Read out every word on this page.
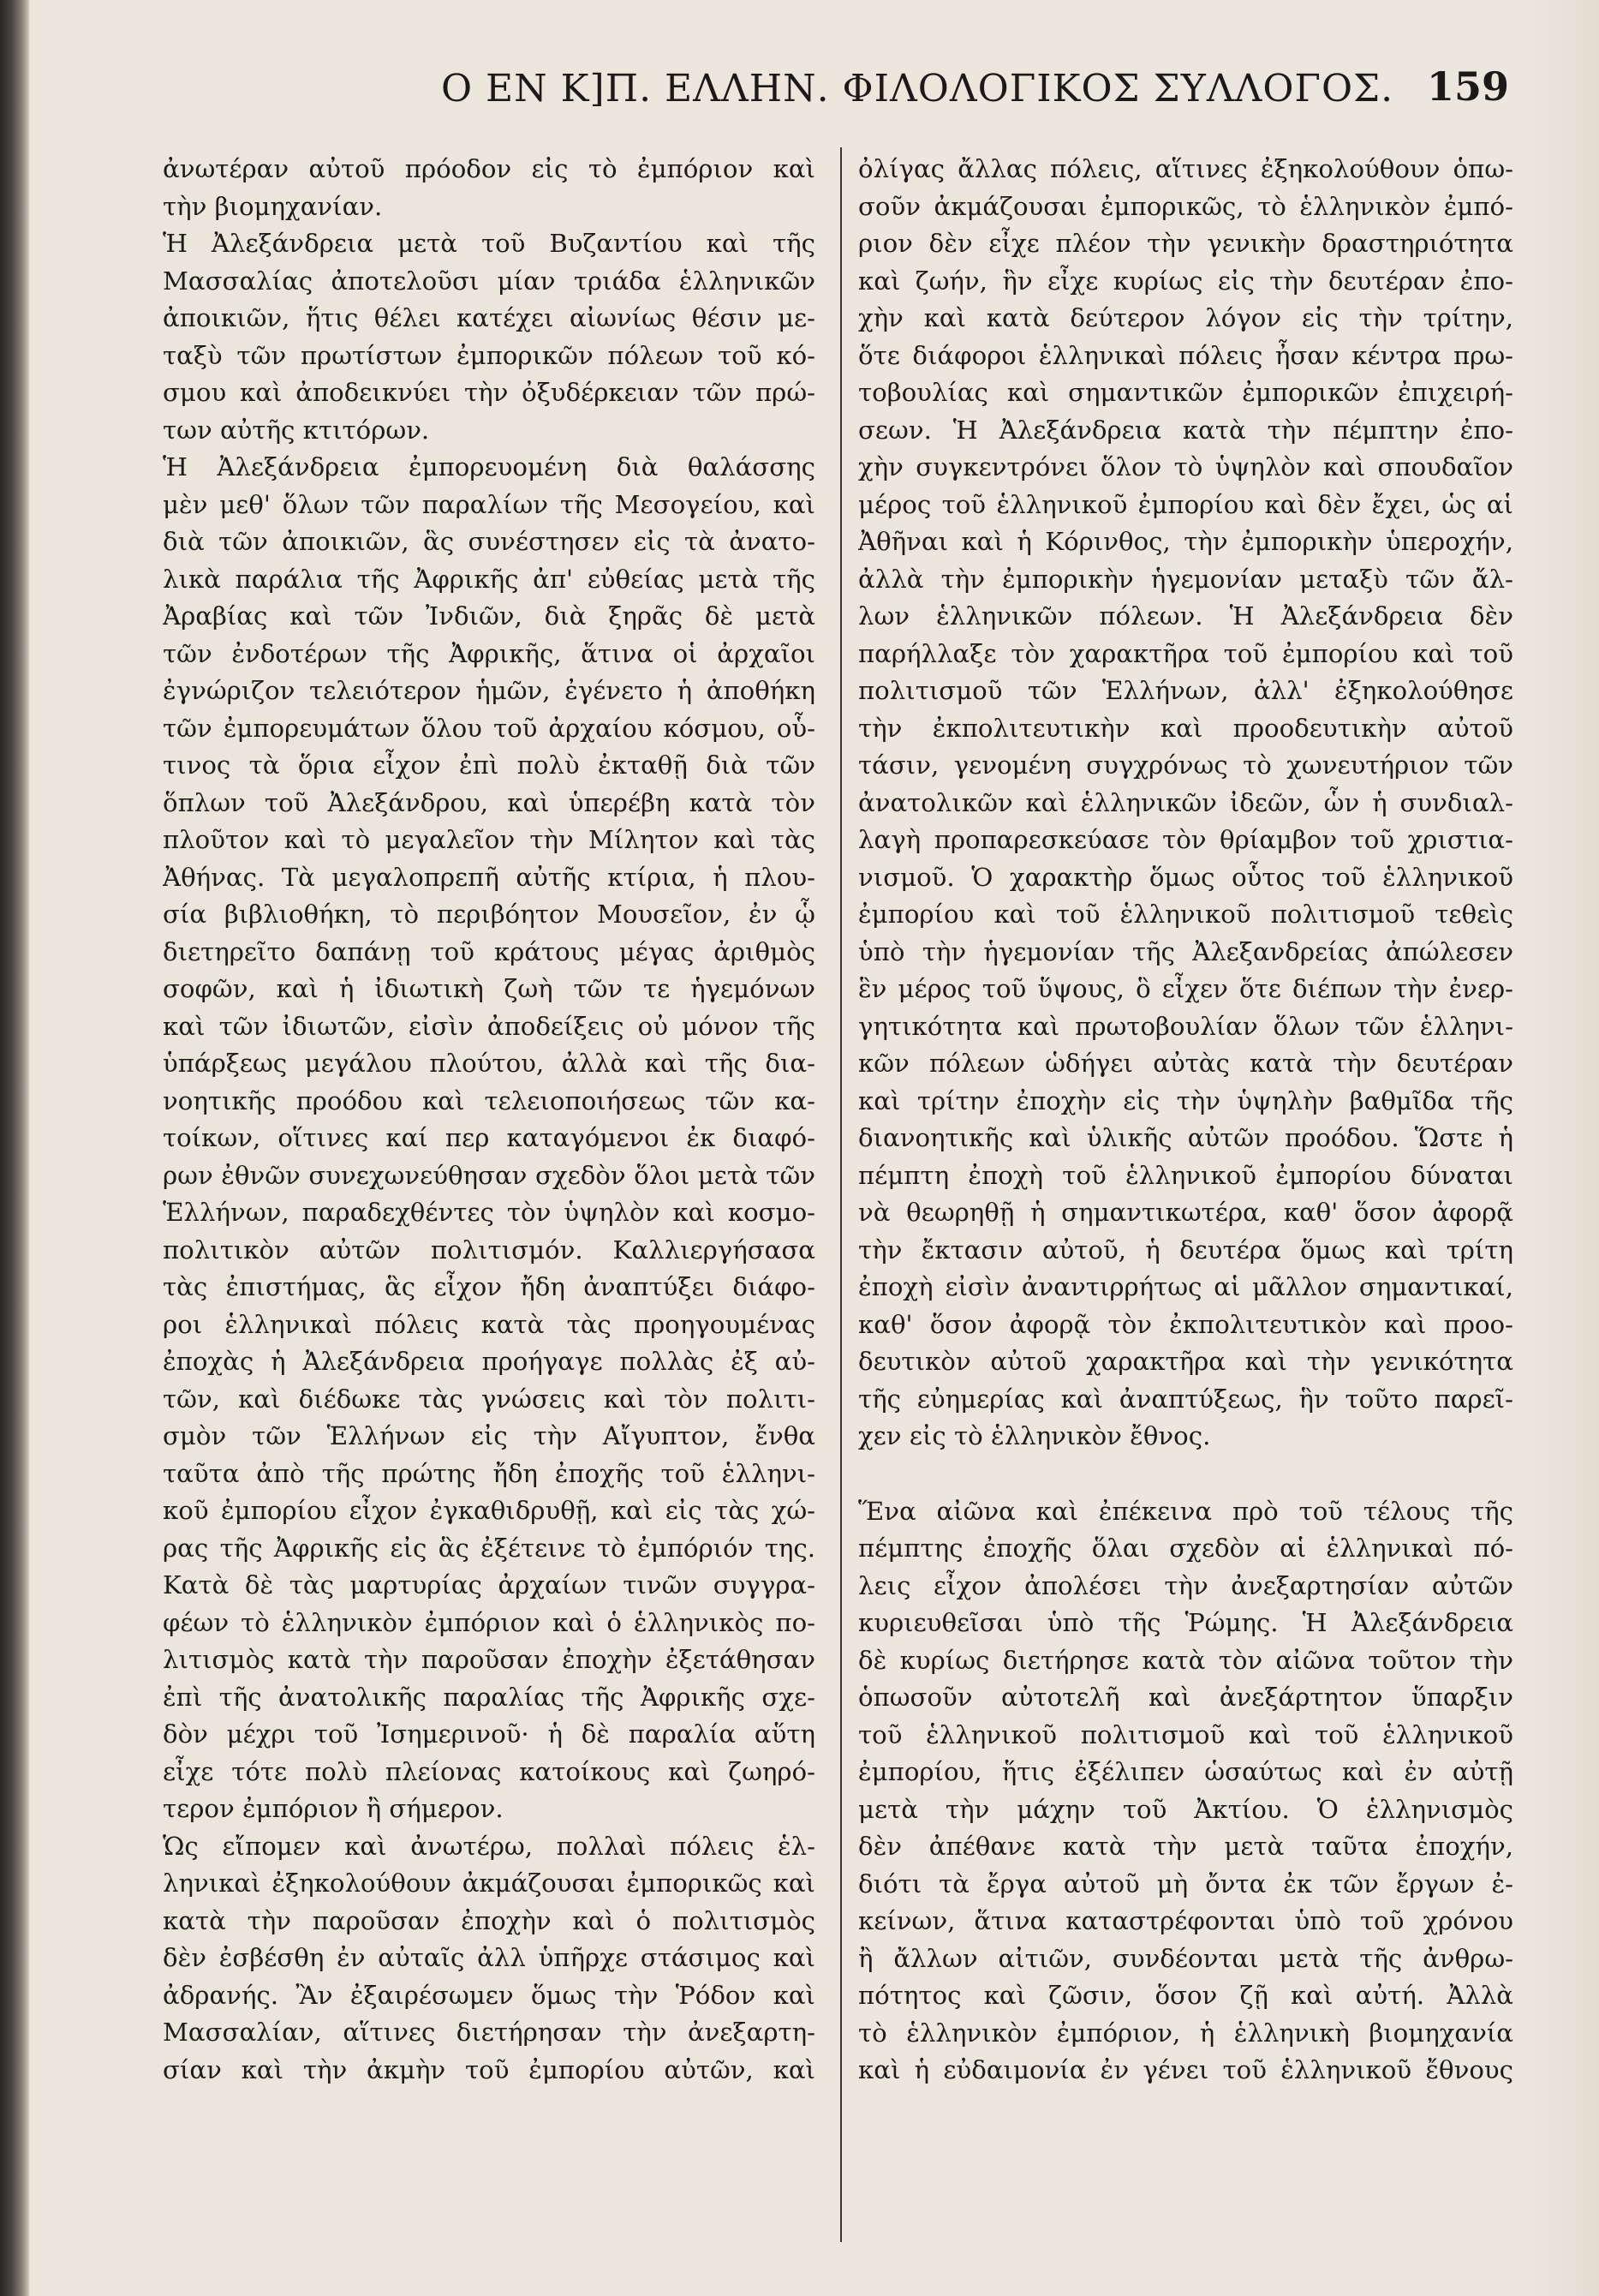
Ο ΕΝ Κ]Π. ΕΛΛΗΝ. ΦΙΛΟΛΟΓΙΚΟΣ ΣΥΛΛΟΓΟΣ. 159
ἀνωτέραν αὐτοῦ πρόοδον εἰς τὸ ἐμπόριον καὶ
τὴν βιομηχανίαν.
Ἡ Ἀλεξάνδρεια μετὰ τοῦ Βυζαντίου καὶ τῆς
Μασσαλίας ἀποτελοῦσι μίαν τριάδα ἑλληνικῶν
ἀποικιῶν, ἥτις θέλει κατέχει αἰωνίως θέσιν με-
ταξὺ τῶν πρωτίστων ἐμπορικῶν πόλεων τοῦ κό-
σμου καὶ ἀποδεικνύει τὴν ὀξυδέρκειαν τῶν πρώ-
των αὐτῆς κτιτόρων.
Ἡ Ἀλεξάνδρεια ἐμπορευομένη διὰ θαλάσσης
μὲν μεθ' ὅλων τῶν παραλίων τῆς Μεσογείου, καὶ
διὰ τῶν ἀποικιῶν, ἃς συνέστησεν εἰς τὰ ἀνατο-
λικὰ παράλια τῆς Ἀφρικῆς ἀπ' εὐθείας μετὰ τῆς
Ἀραβίας καὶ τῶν Ἰνδιῶν, διὰ ξηρᾶς δὲ μετὰ
τῶν ἐνδοτέρων τῆς Ἀφρικῆς, ἅτινα οἱ ἀρχαῖοι
ἐγνώριζον τελειότερον ἡμῶν, ἐγένετο ἡ ἀποθήκη
τῶν ἐμπορευμάτων ὅλου τοῦ ἀρχαίου κόσμου, οὗ-
τινος τὰ ὅρια εἶχον ἐπὶ πολὺ ἐκταθῇ διὰ τῶν
ὅπλων τοῦ Ἀλεξάνδρου, καὶ ὑπερέβη κατὰ τὸν
πλοῦτον καὶ τὸ μεγαλεῖον τὴν Μίλητον καὶ τὰς
Ἀθήνας. Τὰ μεγαλοπρεπῆ αὐτῆς κτίρια, ἡ πλου-
σία βιβλιοθήκη, τὸ περιβόητον Μουσεῖον, ἐν ᾧ
διετηρεῖτο δαπάνῃ τοῦ κράτους μέγας ἀριθμὸς
σοφῶν, καὶ ἡ ἰδιωτικὴ ζωὴ τῶν τε ἡγεμόνων
καὶ τῶν ἰδιωτῶν, εἰσὶν ἀποδείξεις οὐ μόνον τῆς
ὑπάρξεως μεγάλου πλούτου, ἀλλὰ καὶ τῆς δια-
νοητικῆς προόδου καὶ τελειοποιήσεως τῶν κα-
τοίκων, οἵτινες καί περ καταγόμενοι ἐκ διαφό-
ρων ἐθνῶν συνεχωνεύθησαν σχεδὸν ὅλοι μετὰ τῶν
Ἑλλήνων, παραδεχθέντες τὸν ὑψηλὸν καὶ κοσμο-
πολιτικὸν αὐτῶν πολιτισμόν. Καλλιεργήσασα
τὰς ἐπιστήμας, ἃς εἶχον ἤδη ἀναπτύξει διάφο-
ροι ἑλληνικαὶ πόλεις κατὰ τὰς προηγουμένας
ἐποχὰς ἡ Ἀλεξάνδρεια προήγαγε πολλὰς ἐξ αὐ-
τῶν, καὶ διέδωκε τὰς γνώσεις καὶ τὸν πολιτι-
σμὸν τῶν Ἑλλήνων εἰς τὴν Αἴγυπτον, ἔνθα
ταῦτα ἀπὸ τῆς πρώτης ἤδη ἐποχῆς τοῦ ἑλληνι-
κοῦ ἐμπορίου εἶχον ἐγκαθιδρυθῇ, καὶ εἰς τὰς χώ-
ρας τῆς Ἀφρικῆς εἰς ἃς ἐξέτεινε τὸ ἐμπόριόν της.
Κατὰ δὲ τὰς μαρτυρίας ἀρχαίων τινῶν συγγρα-
φέων τὸ ἑλληνικὸν ἐμπόριον καὶ ὁ ἑλληνικὸς πο-
λιτισμὸς κατὰ τὴν παροῦσαν ἐποχὴν ἐξετάθησαν
ἐπὶ τῆς ἀνατολικῆς παραλίας τῆς Ἀφρικῆς σχε-
δὸν μέχρι τοῦ Ἰσημερινοῦ· ἡ δὲ παραλία αὕτη
εἶχε τότε πολὺ πλείονας κατοίκους καὶ ζωηρό-
τερον ἐμπόριον ἢ σήμερον.
Ὡς εἴπομεν καὶ ἀνωτέρω, πολλαὶ πόλεις ἑλ-
ληνικαὶ ἐξηκολούθουν ἀκμάζουσαι ἐμπορικῶς καὶ
κατὰ τὴν παροῦσαν ἐποχὴν καὶ ὁ πολιτισμὸς
δὲν ἐσβέσθη ἐν αὐταῖς ἀλλ ὑπῆρχε στάσιμος καὶ
ἀδρανής. Ἂν ἐξαιρέσωμεν ὅμως τὴν Ῥόδον καὶ
Μασσαλίαν, αἵτινες διετήρησαν τὴν ἀνεξαρτη-
σίαν καὶ τὴν ἀκμὴν τοῦ ἐμπορίου αὐτῶν, καὶ
ὀλίγας ἄλλας πόλεις, αἵτινες ἐξηκολούθουν ὁπω-
σοῦν ἀκμάζουσαι ἐμπορικῶς, τὸ ἑλληνικὸν ἐμπό-
ριον δὲν εἶχε πλέον τὴν γενικὴν δραστηριότητα
καὶ ζωήν, ἣν εἶχε κυρίως εἰς τὴν δευτέραν ἐπο-
χὴν καὶ κατὰ δεύτερον λόγον εἰς τὴν τρίτην,
ὅτε διάφοροι ἑλληνικαὶ πόλεις ἦσαν κέντρα πρω-
τοβουλίας καὶ σημαντικῶν ἐμπορικῶν ἐπιχειρή-
σεων. Ἡ Ἀλεξάνδρεια κατὰ τὴν πέμπτην ἐπο-
χὴν συγκεντρόνει ὅλον τὸ ὑψηλὸν καὶ σπουδαῖον
μέρος τοῦ ἑλληνικοῦ ἐμπορίου καὶ δὲν ἔχει, ὡς αἱ
Ἀθῆναι καὶ ἡ Κόρινθος, τὴν ἐμπορικὴν ὑπεροχήν,
ἀλλὰ τὴν ἐμπορικὴν ἡγεμονίαν μεταξὺ τῶν ἄλ-
λων ἑλληνικῶν πόλεων. Ἡ Ἀλεξάνδρεια δὲν
παρήλλαξε τὸν χαρακτῆρα τοῦ ἐμπορίου καὶ τοῦ
πολιτισμοῦ τῶν Ἑλλήνων, ἀλλ' ἐξηκολούθησε
τὴν ἐκπολιτευτικὴν καὶ προοδευτικὴν αὐτοῦ
τάσιν, γενομένη συγχρόνως τὸ χωνευτήριον τῶν
ἀνατολικῶν καὶ ἑλληνικῶν ἰδεῶν, ὧν ἡ συνδιαλ-
λαγὴ προπαρεσκεύασε τὸν θρίαμβον τοῦ χριστια-
νισμοῦ. Ὁ χαρακτὴρ ὅμως οὗτος τοῦ ἑλληνικοῦ
ἐμπορίου καὶ τοῦ ἑλληνικοῦ πολιτισμοῦ τεθεὶς
ὑπὸ τὴν ἡγεμονίαν τῆς Ἀλεξανδρείας ἀπώλεσεν
ἓν μέρος τοῦ ὕψους, ὃ εἶχεν ὅτε διέπων τὴν ἐνερ-
γητικότητα καὶ πρωτοβουλίαν ὅλων τῶν ἑλληνι-
κῶν πόλεων ὡδήγει αὐτὰς κατὰ τὴν δευτέραν
καὶ τρίτην ἐποχὴν εἰς τὴν ὑψηλὴν βαθμῖδα τῆς
διανοητικῆς καὶ ὑλικῆς αὐτῶν προόδου. Ὥστε ἡ
πέμπτη ἐποχὴ τοῦ ἑλληνικοῦ ἐμπορίου δύναται
νὰ θεωρηθῇ ἡ σημαντικωτέρα, καθ' ὅσον ἀφορᾷ
τὴν ἔκτασιν αὐτοῦ, ἡ δευτέρα ὅμως καὶ τρίτη
ἐποχὴ εἰσὶν ἀναντιρρήτως αἱ μᾶλλον σημαντικαί,
καθ' ὅσον ἀφορᾷ τὸν ἐκπολιτευτικὸν καὶ προο-
δευτικὸν αὐτοῦ χαρακτῆρα καὶ τὴν γενικότητα
τῆς εὐημερίας καὶ ἀναπτύξεως, ἣν τοῦτο παρεῖ-
χεν εἰς τὸ ἑλληνικὸν ἔθνος.
Ἕνα αἰῶνα καὶ ἐπέκεινα πρὸ τοῦ τέλους τῆς
πέμπτης ἐποχῆς ὅλαι σχεδὸν αἱ ἑλληνικαὶ πό-
λεις εἶχον ἀπολέσει τὴν ἀνεξαρτησίαν αὐτῶν
κυριευθεῖσαι ὑπὸ τῆς Ῥώμης. Ἡ Ἀλεξάνδρεια
δὲ κυρίως διετήρησε κατὰ τὸν αἰῶνα τοῦτον τὴν
ὁπωσοῦν αὐτοτελῆ καὶ ἀνεξάρτητον ὕπαρξιν
τοῦ ἑλληνικοῦ πολιτισμοῦ καὶ τοῦ ἑλληνικοῦ
ἐμπορίου, ἥτις ἐξέλιπεν ὡσαύτως καὶ ἐν αὐτῇ
μετὰ τὴν μάχην τοῦ Ἀκτίου. Ὁ ἑλληνισμὸς
δὲν ἀπέθανε κατὰ τὴν μετὰ ταῦτα ἐποχήν,
διότι τὰ ἔργα αὐτοῦ μὴ ὄντα ἐκ τῶν ἔργων ἐ-
κείνων, ἅτινα καταστρέφονται ὑπὸ τοῦ χρόνου
ἢ ἄλλων αἰτιῶν, συνδέονται μετὰ τῆς ἀνθρω-
πότητος καὶ ζῶσιν, ὅσον ζῇ καὶ αὐτή. Ἀλλὰ
τὸ ἑλληνικὸν ἐμπόριον, ἡ ἑλληνικὴ βιομηχανία
καὶ ἡ εὐδαιμονία ἐν γένει τοῦ ἑλληνικοῦ ἔθνους
